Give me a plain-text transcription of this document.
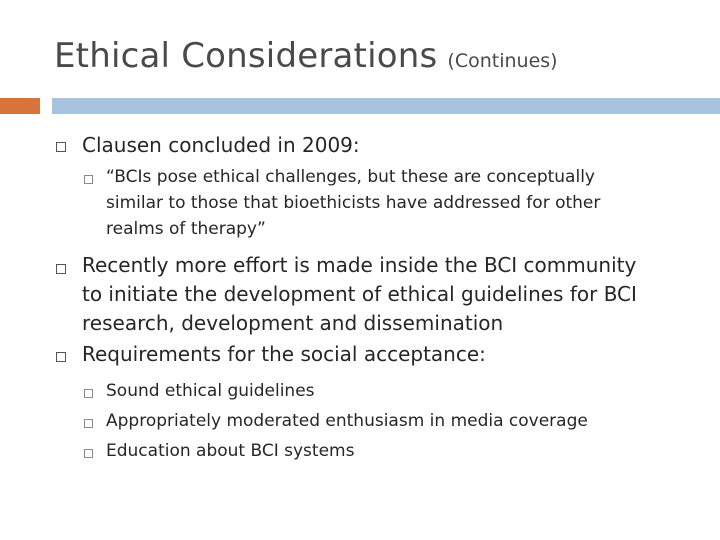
Ethical Considerations (Continues)
Clausen concluded in 2009:
“BCIs pose ethical challenges, but these are conceptually
similar to those that bioethicists have addressed for other
realms of therapy”
Recently more effort is made inside the BCI community
to initiate the development of ethical guidelines for BCI
research, development and dissemination
Requirements for the social acceptance:
Sound ethical guidelines
Appropriately moderated enthusiasm in media coverage
Education about BCI systems
